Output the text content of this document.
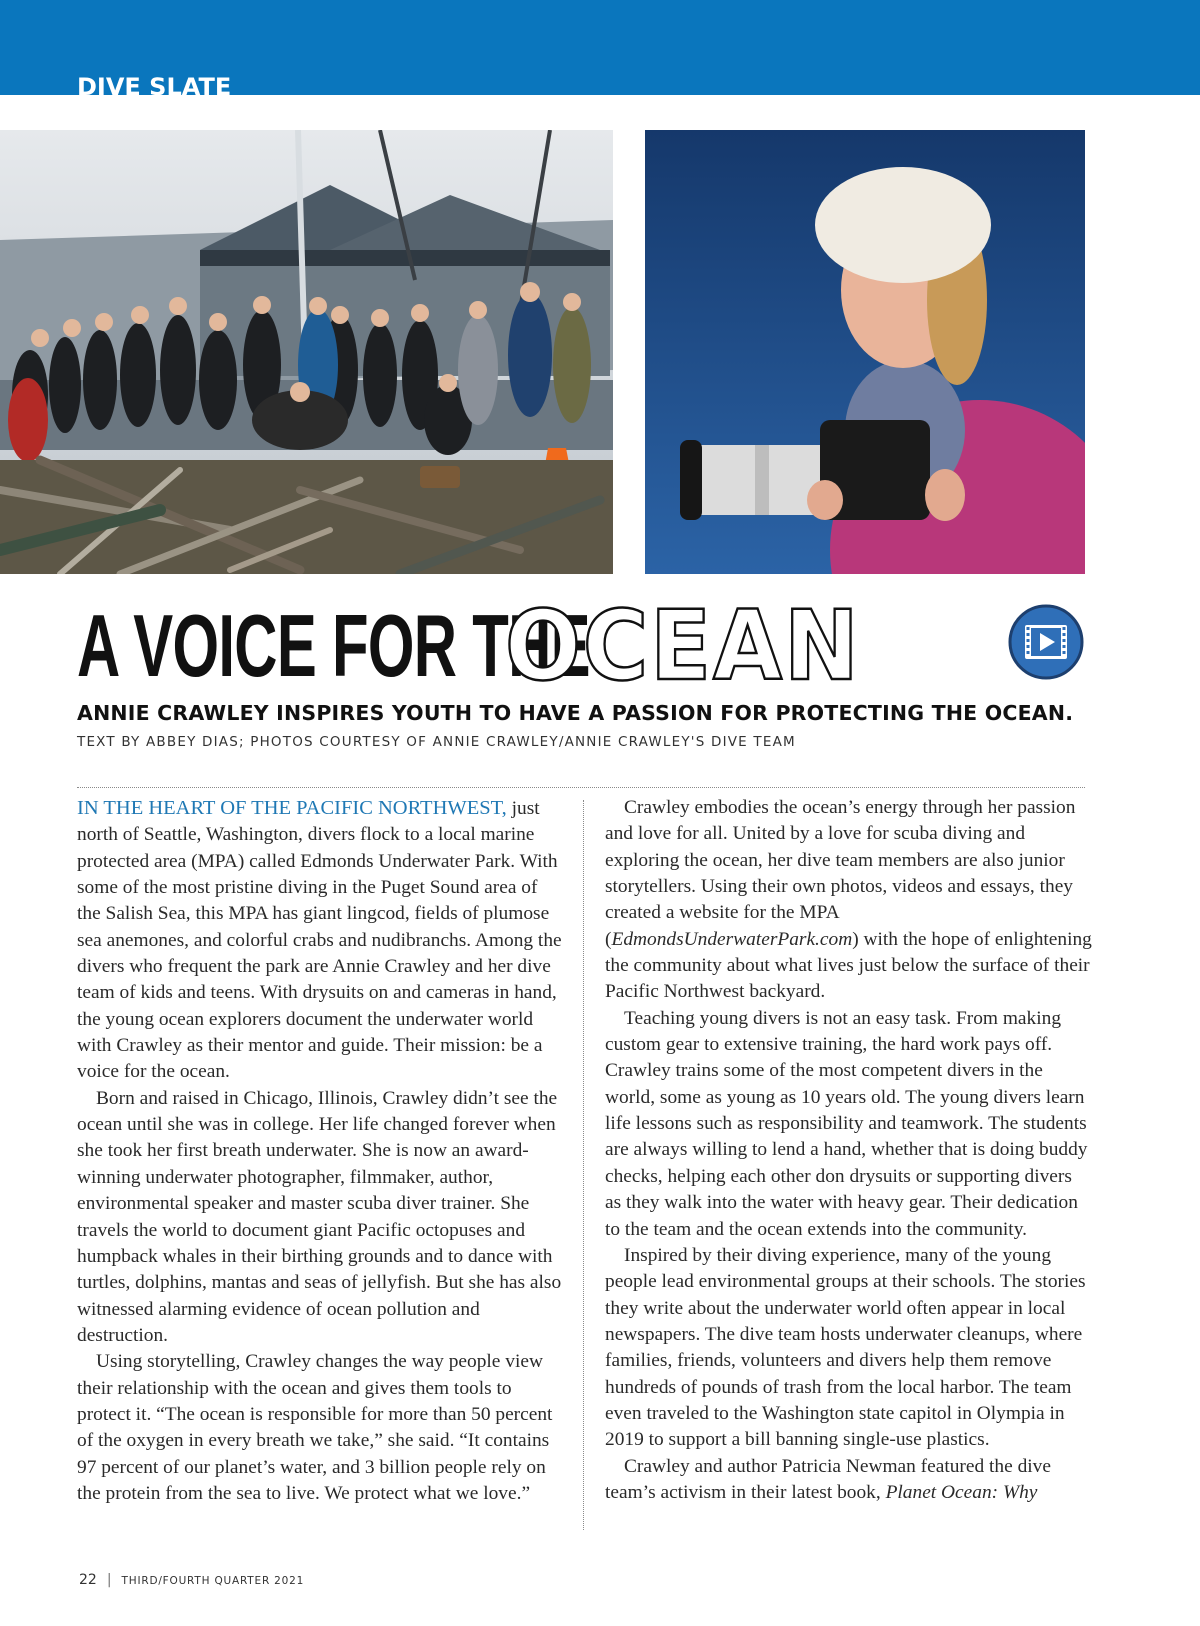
DIVE SLATE
A VOICE FOR THE
OCEAN
ANNIE CRAWLEY INSPIRES YOUTH TO HAVE A PASSION FOR PROTECTING THE OCEAN.
TEXT BY ABBEY DIAS; PHOTOS COURTESY OF ANNIE CRAWLEY/ANNIE CRAWLEY'S DIVE TEAM

IN THE HEART OF THE PACIFIC NORTHWEST, just north of Seattle, Washington, divers flock to a local marine protected area (MPA) called Edmonds Underwater Park. With some of the most pristine diving in the Puget Sound area of the Salish Sea, this MPA has giant lingcod, fields of plumose sea anemones, and colorful crabs and nudibranchs. Among the divers who frequent the park are Annie Crawley and her dive team of kids and teens. With drysuits on and cameras in hand, the young ocean explorers document the underwater world with Crawley as their mentor and guide. Their mission: be a voice for the ocean.

Born and raised in Chicago, Illinois, Crawley didn’t see the ocean until she was in college. Her life changed forever when she took her first breath underwater. She is now an award-winning underwater photographer, filmmaker, author, environmental speaker and master scuba diver trainer. She travels the world to document giant Pacific octopuses and humpback whales in their birthing grounds and to dance with turtles, dolphins, mantas and seas of jellyfish. But she has also witnessed alarming evidence of ocean pollution and destruction.

Using storytelling, Crawley changes the way people view their relationship with the ocean and gives them tools to protect it. “The ocean is responsible for more than 50 percent of the oxygen in every breath we take,” she said. “It contains 97 percent of our planet’s water, and 3 billion people rely on the protein from the sea to live. We protect what we love.”

Crawley embodies the ocean’s energy through her passion and love for all. United by a love for scuba diving and exploring the ocean, her dive team members are also junior storytellers. Using their own photos, videos and essays, they created a website for the MPA (EdmondsUnderwaterPark.com) with the hope of enlightening the community about what lives just below the surface of their Pacific Northwest backyard.

Teaching young divers is not an easy task. From making custom gear to extensive training, the hard work pays off. Crawley trains some of the most competent divers in the world, some as young as 10 years old. The young divers learn life lessons such as responsibility and teamwork. The students are always willing to lend a hand, whether that is doing buddy checks, helping each other don drysuits or supporting divers as they walk into the water with heavy gear. Their dedication to the team and the ocean extends into the community.

Inspired by their diving experience, many of the young people lead environmental groups at their schools. The stories they write about the underwater world often appear in local newspapers. The dive team hosts underwater cleanups, where families, friends, volunteers and divers help them remove hundreds of pounds of trash from the local harbor. The team even traveled to the Washington state capitol in Olympia in 2019 to support a bill banning single-use plastics.

Crawley and author Patricia Newman featured the dive team’s activism in their latest book, Planet Ocean: Why

22 | THIRD/FOURTH QUARTER 2021
